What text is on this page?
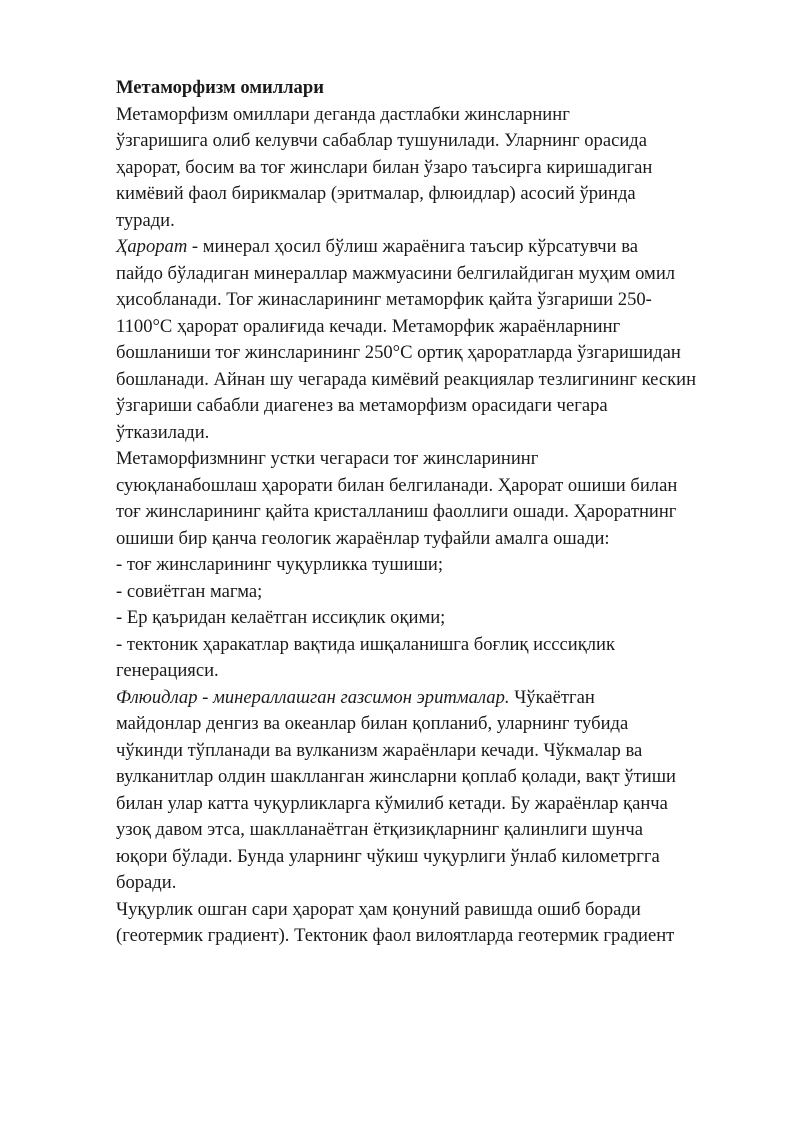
Метаморфизм омиллари
Метаморфизм омиллари деганда дастлабки жинсларнинг
ўзгаришига олиб келувчи сабаблар тушунилади. Уларнинг орасида
ҳарорат, босим ва тоғ жинслари билан ўзаро таъсирга киришадиган
кимёвий фаол бирикмалар (эритмалар, флюидлар) асосий ўринда
туради.
Ҳарорат - минерал ҳосил бўлиш жараёнига таъсир кўрсатувчи ва
пайдо бўладиган минераллар мажмуасини белгилайдиган муҳим омил
ҳисобланади. Тоғ жинасларининг метаморфик қайта ўзгариши 250-
1100°С ҳарорат оралиғида кечади. Метаморфик жараёнларнинг
бошланиши тоғ жинсларининг 250°С ортиқ ҳароратларда ўзгаришидан
бошланади. Айнан шу чегарада кимёвий реакциялар тезлигининг кескин
ўзгариши сабабли диагенез ва метаморфизм орасидаги чегара
ўтказилади.
Метаморфизмнинг устки чегараси тоғ жинсларининг
суюқланабошлаш ҳарорати билан белгиланади. Ҳарорат ошиши билан
тоғ жинсларининг қайта кристалланиш фаоллиги ошади. Ҳароратнинг
ошиши бир қанча геологик жараёнлар туфайли амалга ошади:
- тоғ жинсларининг чуқурликка тушиши;
- совиётган магма;
- Ер қаъридан келаётган иссиқлик оқими;
- тектоник ҳаракатлар вақтида ишқаланишга боғлиқ исссиқлик
генерацияси.
Флюидлар - минераллашган газсимон эритмалар. Чўкаётган
майдонлар денгиз ва океанлар билан қопланиб, уларнинг тубида
чўкинди тўпланади ва вулканизм жараёнлари кечади. Чўкмалар ва
вулканитлар олдин шаклланган жинсларни қоплаб қолади, вақт ўтиши
билан улар катта чуқурликларга кўмилиб кетади. Бу жараёнлар қанча
узоқ давом этса, шаклланаётган ётқизиқларнинг қалинлиги шунча
юқори бўлади. Бунда уларнинг чўкиш чуқурлиги ўнлаб километргга
боради.
Чуқурлик ошган сари ҳарорат ҳам қонуний равишда ошиб боради
(геотермик градиент). Тектоник фаол вилоятларда геотермик градиент
